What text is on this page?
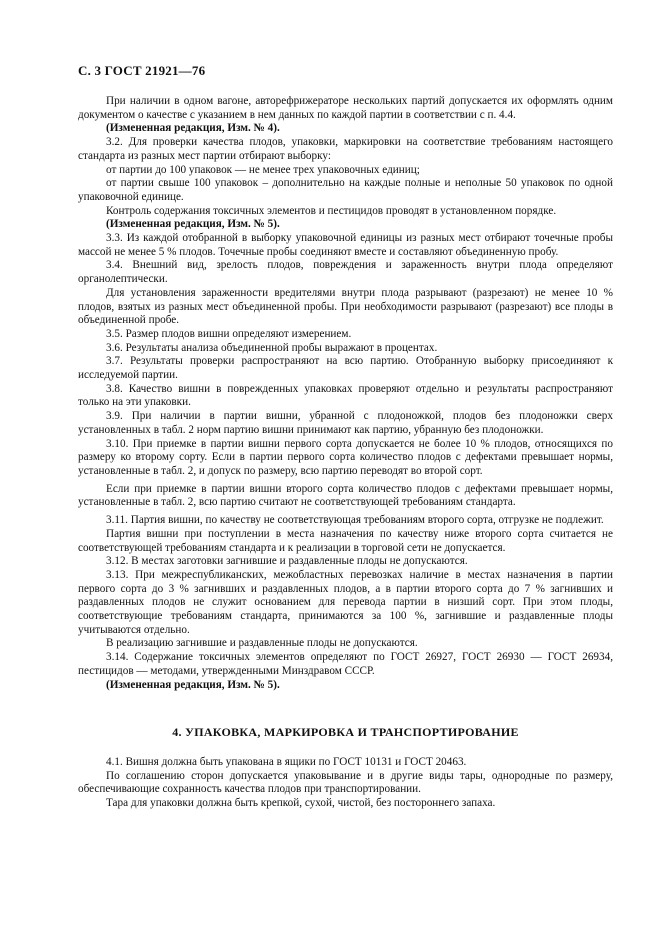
С. 3 ГОСТ 21921—76

При наличии в одном вагоне, авторефрижераторе нескольких партий допускается их оформлять одним документом о качестве с указанием в нем данных по каждой партии в соответствии с п. 4.4.

(Измененная редакция, Изм. № 4).

3.2. Для проверки качества плодов, упаковки, маркировки на соответствие требованиям настоящего стандарта из разных мест партии отбирают выборку:

от партии до 100 упаковок — не менее трех упаковочных единиц;

от партии свыше 100 упаковок – дополнительно на каждые полные и неполные 50 упаковок по одной упаковочной единице.

Контроль содержания токсичных элементов и пестицидов проводят в установленном порядке.

(Измененная редакция, Изм. № 5).

3.3. Из каждой отобранной в выборку упаковочной единицы из разных мест отбирают точечные пробы массой не менее 5 % плодов. Точечные пробы соединяют вместе и составляют объединенную пробу.

3.4. Внешний вид, зрелость плодов, повреждения и зараженность внутри плода определяют органолептически.

Для установления зараженности вредителями внутри плода разрывают (разрезают) не менее 10 % плодов, взятых из разных мест объединенной пробы. При необходимости разрывают (разрезают) все плоды в объединенной пробе.

3.5. Размер плодов вишни определяют измерением.

3.6. Результаты анализа объединенной пробы выражают в процентах.

3.7. Результаты проверки распространяют на всю партию. Отобранную выборку присоединяют к исследуемой партии.

3.8. Качество вишни в поврежденных упаковках проверяют отдельно и результаты распространяют только на эти упаковки.

3.9. При наличии в партии вишни, убранной с плодоножкой, плодов без плодоножки сверх установленных в табл. 2 норм партию вишни принимают как партию, убранную без плодоножки.

3.10. При приемке в партии вишни первого сорта допускается не более 10 % плодов, относящихся по размеру ко второму сорту. Если в партии первого сорта количество плодов с дефектами превышает нормы, установленные в табл. 2, и допуск по размеру, всю партию переводят во второй сорт.

Если при приемке в партии вишни второго сорта количество плодов с дефектами превышает нормы, установленные в табл. 2, всю партию считают не соответствующей требованиям стандарта.

3.11. Партия вишни, по качеству не соответствующая требованиям второго сорта, отгрузке не подлежит.

Партия вишни при поступлении в места назначения по качеству ниже второго сорта считается не соответствующей требованиям стандарта и к реализации в торговой сети не допускается.

3.12. В местах заготовки загнившие и раздавленные плоды не допускаются.

3.13. При межреспубликанских, межобластных перевозках наличие в местах назначения в партии первого сорта до 3 % загнивших и раздавленных плодов, а в партии второго сорта до 7 % загнивших и раздавленных плодов не служит основанием для перевода партии в низший сорт. При этом плоды, соответствующие требованиям стандарта, принимаются за 100 %, загнившие и раздавленные плоды учитываются отдельно.

В реализацию загнившие и раздавленные плоды не допускаются.

3.14. Содержание токсичных элементов определяют по ГОСТ 26927, ГОСТ 26930 — ГОСТ 26934, пестицидов — методами, утвержденными Минздравом СССР.

(Измененная редакция, Изм. № 5).

4. УПАКОВКА, МАРКИРОВКА И ТРАНСПОРТИРОВАНИЕ

4.1. Вишня должна быть упакована в ящики по ГОСТ 10131 и ГОСТ 20463.

По соглашению сторон допускается упаковывание и в другие виды тары, однородные по размеру, обеспечивающие сохранность качества плодов при транспортировании.

Тара для упаковки должна быть крепкой, сухой, чистой, без постороннего запаха.
